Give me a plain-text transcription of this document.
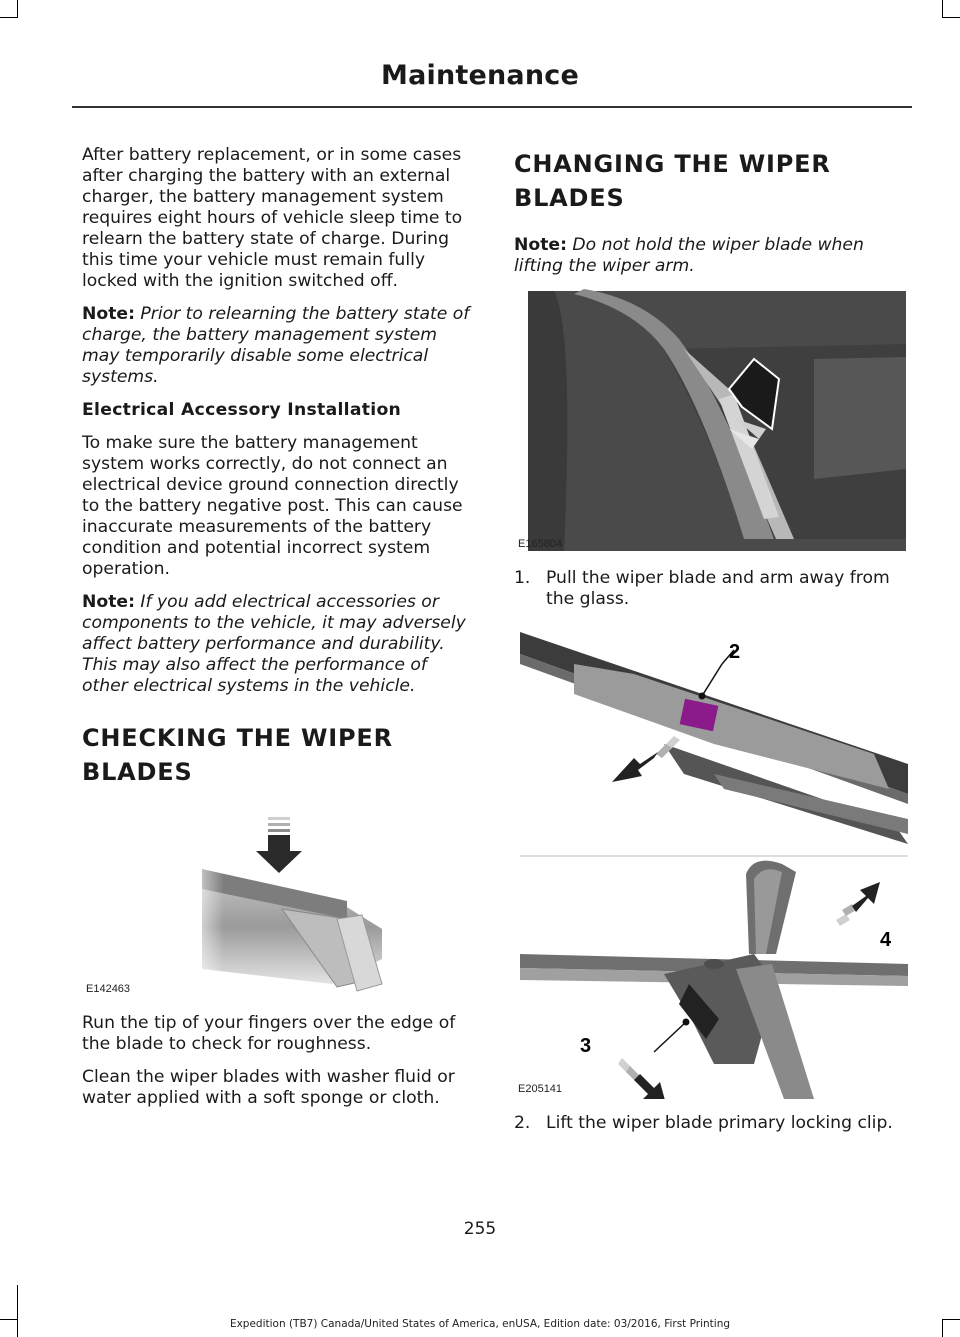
Maintenance

After battery replacement, or in some cases after charging the battery with an external charger, the battery management system requires eight hours of vehicle sleep time to relearn the battery state of charge. During this time your vehicle must remain fully locked with the ignition switched off.

Note: Prior to relearning the battery state of charge, the battery management system may temporarily disable some electrical systems.

Electrical Accessory Installation

To make sure the battery management system works correctly, do not connect an electrical device ground connection directly to the battery negative post. This can cause inaccurate measurements of the battery condition and potential incorrect system operation.

Note: If you add electrical accessories or components to the vehicle, it may adversely affect battery performance and durability. This may also affect the performance of other electrical systems in the vehicle.

CHECKING THE WIPER BLADES
E142463

Run the tip of your fingers over the edge of the blade to check for roughness.

Clean the wiper blades with washer fluid or water applied with a soft sponge or cloth.

CHANGING THE WIPER BLADES

Note: Do not hold the wiper blade when lifting the wiper arm.

E165804
1. Pull the wiper blade and arm away from the glass.
2
3
4
E205141
2. Lift the wiper blade primary locking clip.
255
Expedition (TB7) Canada/United States of America, enUSA, Edition date: 03/2016, First Printing
